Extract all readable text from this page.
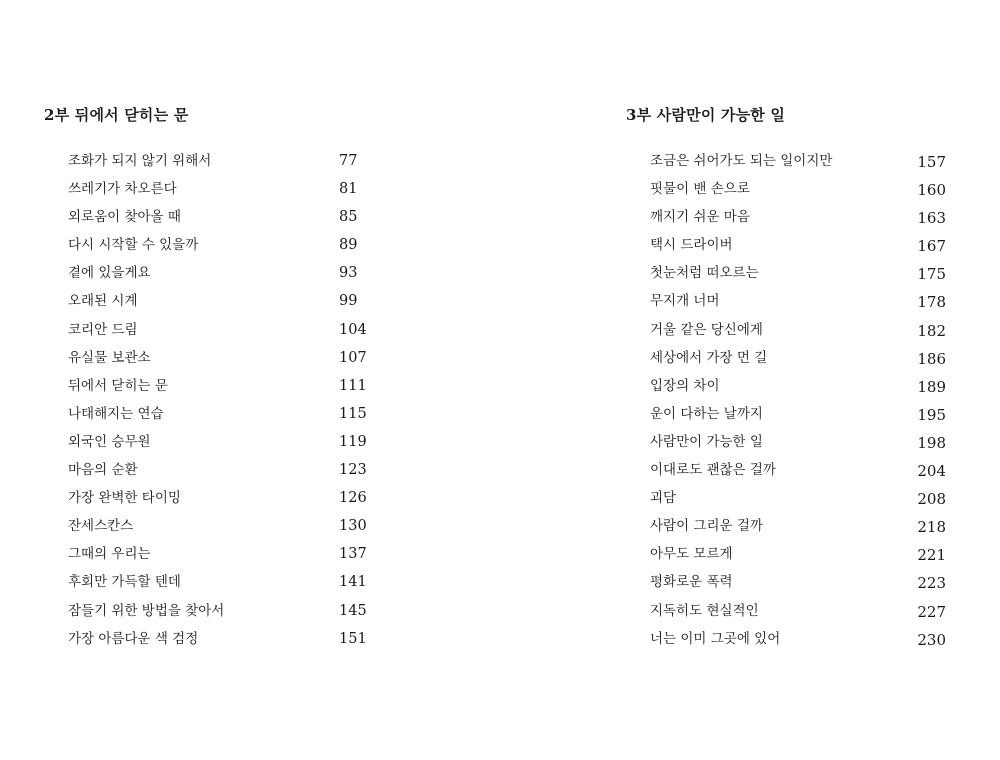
2부 뒤에서 닫히는 문
조화가 되지 않기 위해서	77
쓰레기가 차오른다	81
외로움이 찾아올 때	85
다시 시작할 수 있을까	89
곁에 있을게요	93
오래된 시계	99
코리안 드림	104
유실물 보관소	107
뒤에서 닫히는 문	111
나태해지는 연습	115
외국인 승무원	119
마음의 순환	123
가장 완벽한 타이밍	126
잔세스칸스	130
그때의 우리는	137
후회만 가득할 텐데	141
잠들기 위한 방법을 찾아서	145
가장 아름다운 색 검정	151
3부 사람만이 가능한 일
조금은 쉬어가도 되는 일이지만	157
핏물이 밴 손으로	160
깨지기 쉬운 마음	163
택시 드라이버	167
첫눈처럼 떠오르는	175
무지개 너머	178
거울 같은 당신에게	182
세상에서 가장 먼 길	186
입장의 차이	189
운이 다하는 날까지	195
사람만이 가능한 일	198
이대로도 괜찮은 걸까	204
괴담	208
사람이 그리운 걸까	218
아무도 모르게	221
평화로운 폭력	223
지독히도 현실적인	227
너는 이미 그곳에 있어	230
